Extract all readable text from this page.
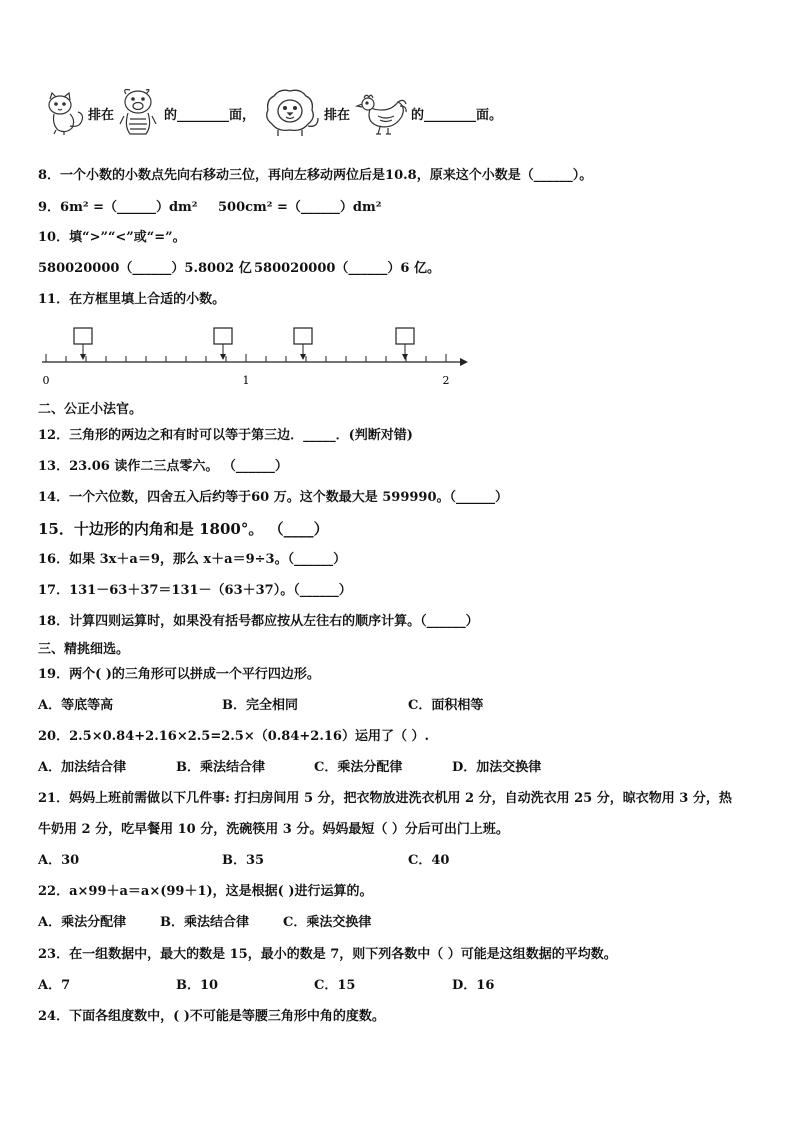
排在	的________面，	排在	的________面。
8．一个小数的小数点先向右移动三位，再向左移动两位后是10.8，原来这个小数是（______）。
9．6m² =（______）dm² 500cm² =（______）dm²
10．填“>”“<”或“=”。
580020000（______）5.8002 亿 580020000（______）6 亿。
11．在方框里填上合适的小数。
0	1	2
二、公正小法官。
12．三角形的两边之和有时可以等于第三边．_____．(判断对错)
13．23.06 读作二三点零六。 （______）
14．一个六位数，四舍五入后约等于60 万。这个数最大是 599990。（______）
15．十边形的内角和是 1800°。 （____）
16．如果 3x＋a＝9，那么 x＋a＝9÷3。（______）
17．131－63＋37＝131－（63＋37）。（______）
18．计算四则运算时，如果没有括号都应按从左往右的顺序计算。（______）
三、精挑细选。
19．两个( )的三角形可以拼成一个平行四边形。
A．等底等高	B．完全相同	C．面积相等
20．2.5×0.84+2.16×2.5=2.5×（0.84+2.16）运用了（ ）.
A．加法结合律	B．乘法结合律	C．乘法分配律	D．加法交换律
21．妈妈上班前需做以下几件事: 打扫房间用 5 分，把衣物放进洗衣机用 2 分，自动洗衣用 25 分，晾衣物用 3 分，热
牛奶用 2 分，吃早餐用 10 分，洗碗筷用 3 分。妈妈最短（ ）分后可出门上班。
A．30	B．35	C．40
22．a×99＋a＝a×(99＋1)，这是根据( )进行运算的。
A．乘法分配律	B．乘法结合律	C．乘法交换律
23．在一组数据中，最大的数是 15，最小的数是 7，则下列各数中（ ）可能是这组数据的平均数。
A．7	B．10	C．15	D．16
24．下面各组度数中，( )不可能是等腰三角形中角的度数。
